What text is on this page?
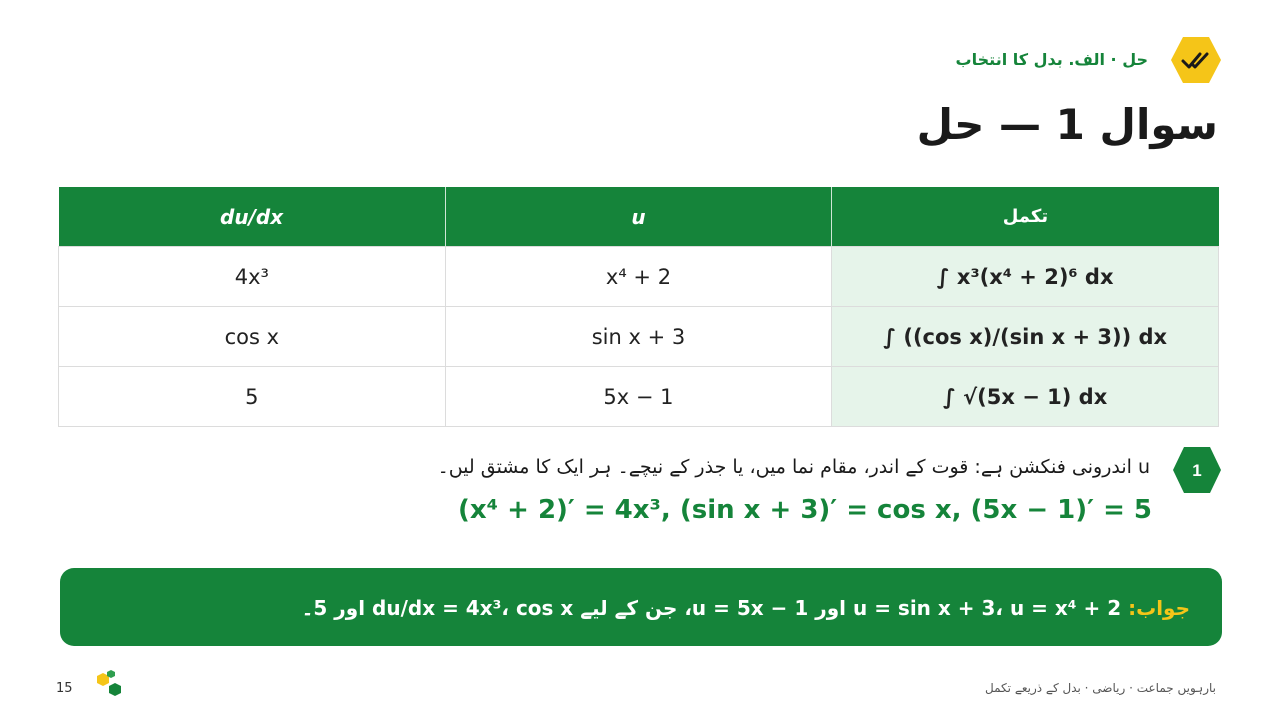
حل · الف. بدل کا انتخاب
سوال 1 — حل
du/dx	u	تکمل
4x³	x⁴ + 2	∫ x³(x⁴ + 2)⁶ dx
cos x	sin x + 3	∫ ((cos x)/(sin x + 3)) dx
5	5x − 1	∫ √(5x − 1) dx
1
u اندرونی فنکشن ہے: قوت کے اندر، مقام نما میں، یا جذر کے نیچے۔ ہر ایک کا مشتق لیں۔
(x⁴ + 2)′ = 4x³, (sin x + 3)′ = cos x, (5x − 1)′ = 5
جواب: u = sin x + 3، u = x⁴ + 2 اور u = 5x − 1، جن کے لیے du/dx = 4x³، cos x اور 5۔
15	بارہویں جماعت · ریاضی · بدل کے ذریعے تکمل
